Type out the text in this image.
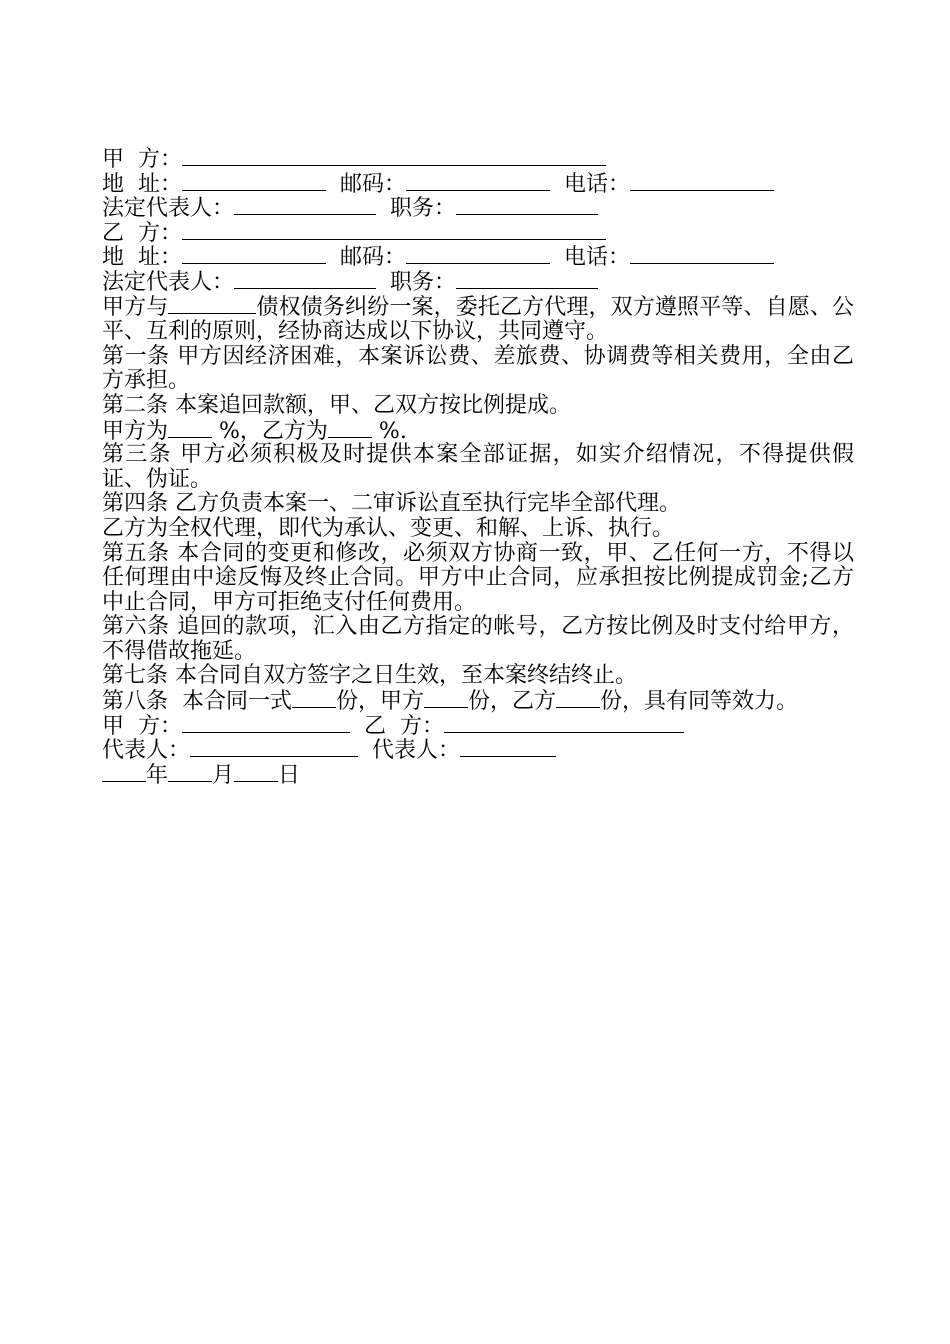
甲  方：
地  址：	邮码：	电话：
法定代表人：	职务：
乙  方：
地  址：	邮码：	电话：
法定代表人：	职务：

甲方与	债权债务纠纷一案，委托乙方代理，双方遵照平等、自愿、公平、互利的原则，经协商达成以下协议，共同遵守。

第一条 甲方因经济困难，本案诉讼费、差旅费、协调费等相关费用，全由乙方承担。

第二条 本案追回款额，甲、乙双方按比例提成。

甲方为 %，乙方为 %.

第三条 甲方必须积极及时提供本案全部证据，如实介绍情况，不得提供假证、伪证。

第四条 乙方负责本案一、二审诉讼直至执行完毕全部代理。

乙方为全权代理，即代为承认、变更、和解、上诉、执行。

第五条 本合同的变更和修改，必须双方协商一致，甲、乙任何一方，不得以任何理由中途反悔及终止合同。甲方中止合同，应承担按比例提成罚金;乙方中止合同，甲方可拒绝支付任何费用。

第六条 追回的款项，汇入由乙方指定的帐号，乙方按比例及时支付给甲方，不得借故拖延。

第七条 本合同自双方签字之日生效，至本案终结终止。

第八条  本合同一式 份，甲方 份，乙方 份，具有同等效力。
甲  方：	乙  方：
代表人：	代表人：
年 月 日
